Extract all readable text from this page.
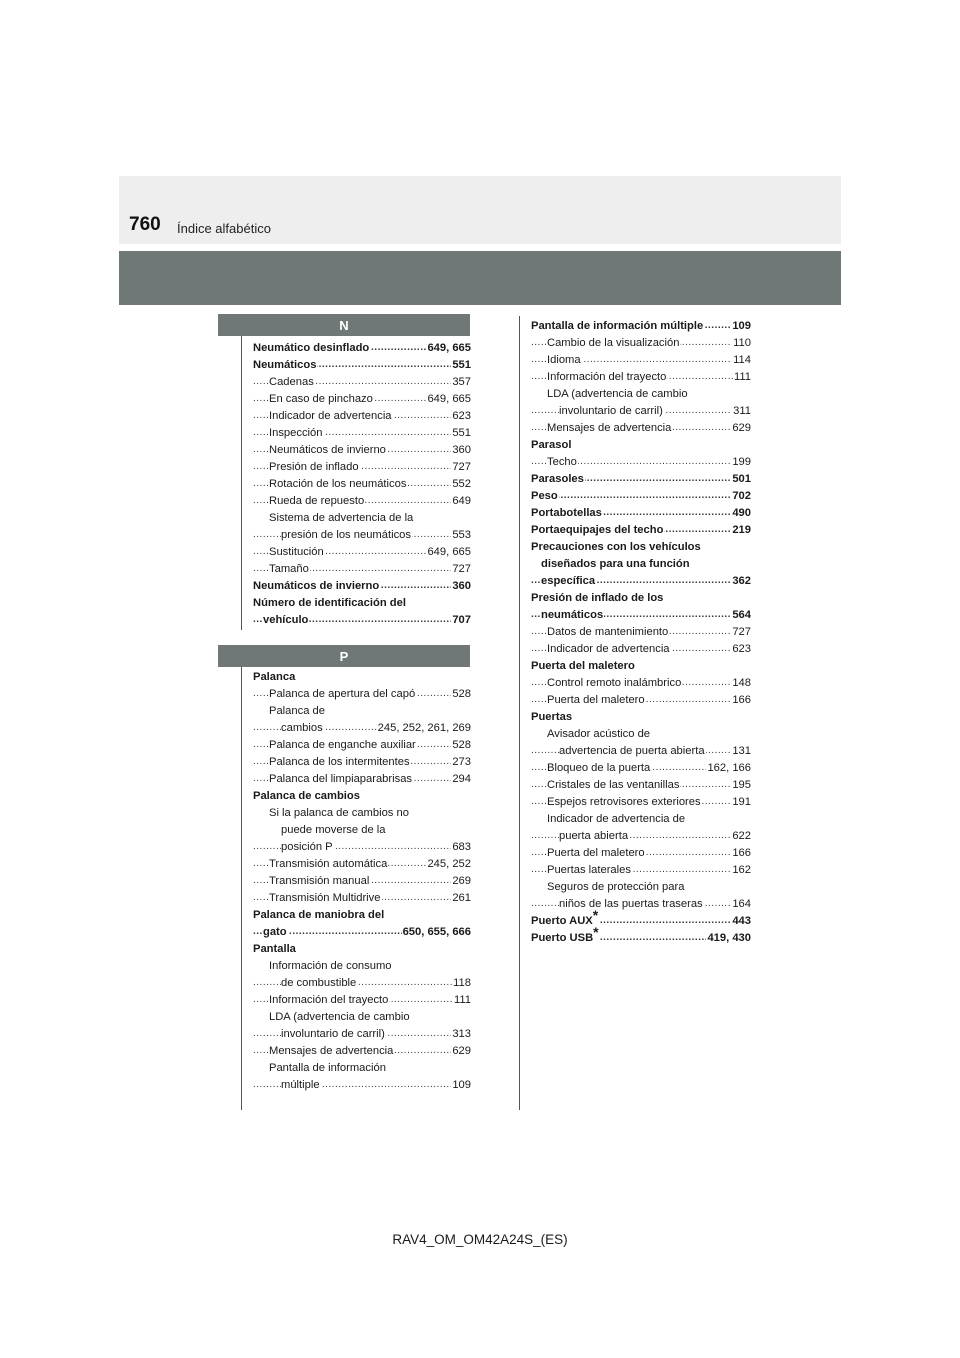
760 Índice alfabético
N
P
Neumático desinflado .....	649, 665
Neumáticos .....	551
Cadenas .....	357
En caso de pinchazo .....	649, 665
Indicador de advertencia .....	623
Inspección .....	551
Neumáticos de invierno .....	360
Presión de inflado .....	727
Rotación de los neumáticos .....	552
Rueda de repuesto .....	649
Sistema de advertencia de la
presión de los neumáticos .....	553
Sustitución .....	649, 665
Tamaño .....	727
Neumáticos de invierno .....	360
Número de identificación del
vehículo .....	707
Palanca
Palanca de apertura del capó .....	528
Palanca de
cambios .....	245, 252, 261, 269
Palanca de enganche auxiliar .....	528
Palanca de los intermitentes .....	273
Palanca del limpiaparabrisas .....	294
Palanca de cambios
Si la palanca de cambios no
puede moverse de la
posición P .....	683
Transmisión automática .....	245, 252
Transmisión manual .....	269
Transmisión Multidrive .....	261
Palanca de maniobra del
gato .....	650, 655, 666
Pantalla
Información de consumo
de combustible .....	118
Información del trayecto .....	111
LDA (advertencia de cambio
involuntario de carril) .....	313
Mensajes de advertencia .....	629
Pantalla de información
múltiple .....	109
Pantalla de información múltiple .....	109
Cambio de la visualización .....	110
Idioma .....	114
Información del trayecto .....	111
LDA (advertencia de cambio
involuntario de carril) .....	311
Mensajes de advertencia .....	629
Parasol
Techo .....	199
Parasoles .....	501
Peso .....	702
Portabotellas .....	490
Portaequipajes del techo .....	219
Precauciones con los vehículos
diseñados para una función
específica .....	362
Presión de inflado de los
neumáticos .....	564
Datos de mantenimiento .....	727
Indicador de advertencia .....	623
Puerta del maletero
Control remoto inalámbrico .....	148
Puerta del maletero .....	166
Puertas
Avisador acústico de
advertencia de puerta abierta ..... 131
Bloqueo de la puerta .....	162, 166
Cristales de las ventanillas .....	195
Espejos retrovisores exteriores .....	191
Indicador de advertencia de
puerta abierta .....	622
Puerta del maletero .....	166
Puertas laterales .....	162
Seguros de protección para
niños de las puertas traseras .....	164
Puerto AUX* .....	443
Puerto USB* .....	419, 430
RAV4_OM_OM42A24S_(ES)
